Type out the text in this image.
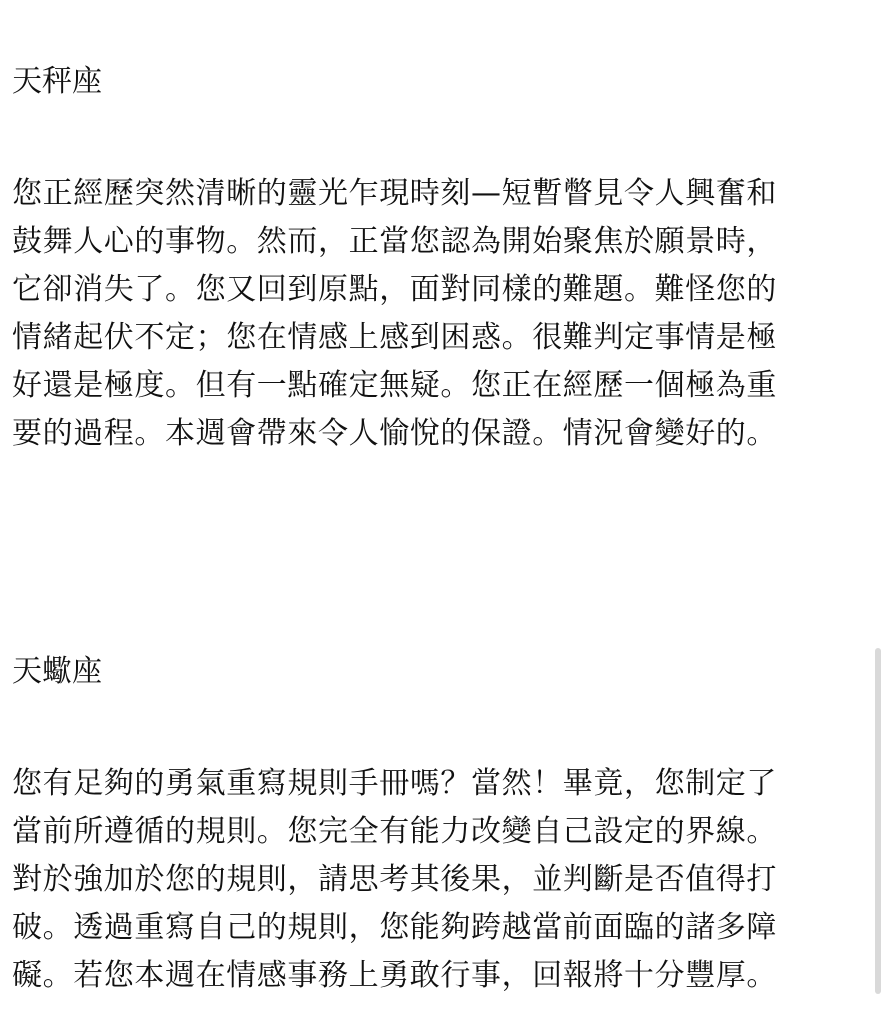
天秤座
您正經歷突然清晰的靈光乍現時刻—短暫瞥見令人興奮和
鼓舞人心的事物。然而，正當您認為開始聚焦於願景時，
它卻消失了。您又回到原點，面對同樣的難題。難怪您的
情緒起伏不定；您在情感上感到困惑。很難判定事情是極
好還是極度。但有一點確定無疑。您正在經歷一個極為重
要的過程。本週會帶來令人愉悅的保證。情況會變好的。
天蠍座
您有足夠的勇氣重寫規則手冊嗎？當然！畢竟，您制定了
當前所遵循的規則。您完全有能力改變自己設定的界線。
對於強加於您的規則，請思考其後果，並判斷是否值得打
破。透過重寫自己的規則，您能夠跨越當前面臨的諸多障
礙。若您本週在情感事務上勇敢行事，回報將十分豐厚。
